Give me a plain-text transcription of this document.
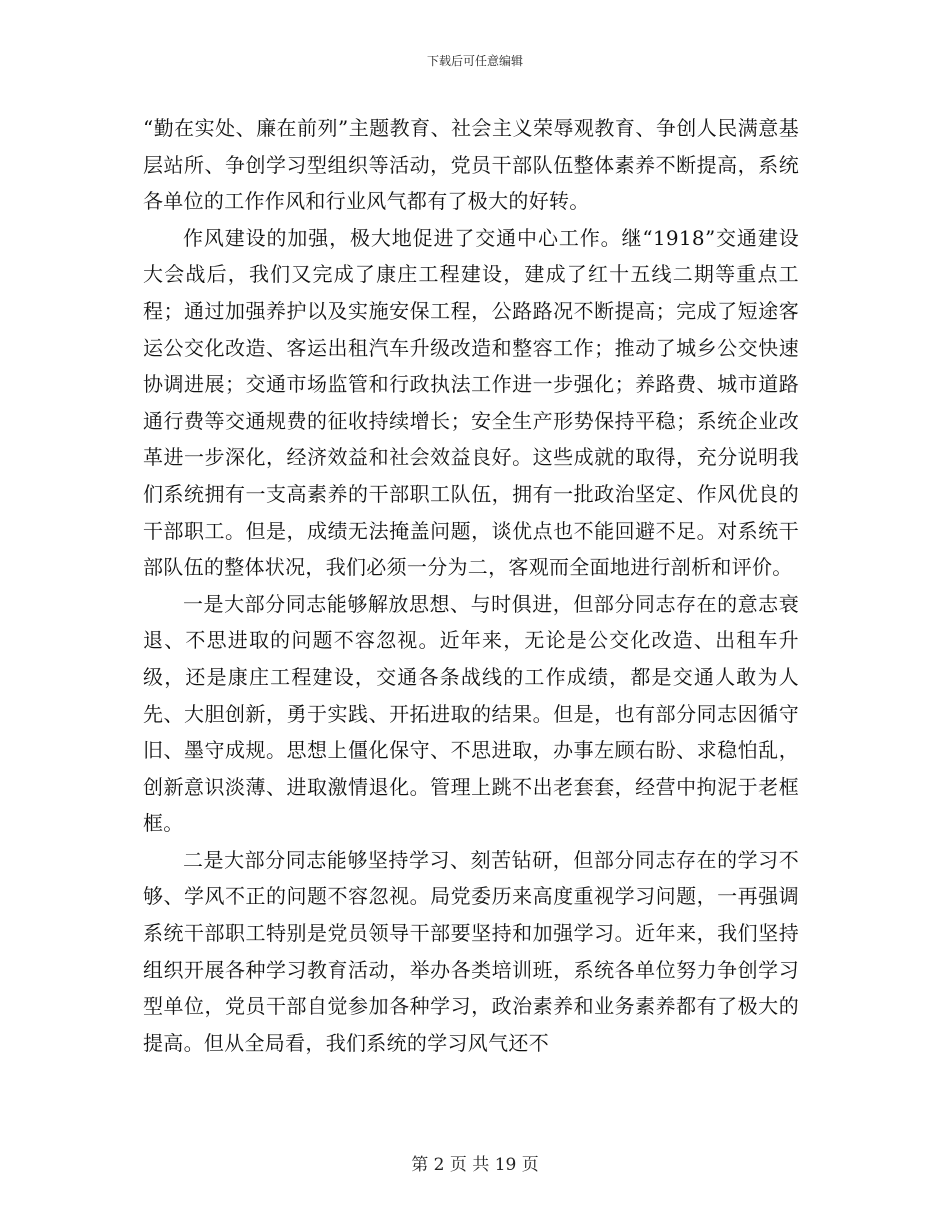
下载后可任意编辑

“勤在实处、廉在前列”主题教育、社会主义荣辱观教育、争创人民满意基层站所、争创学习型组织等活动，党员干部队伍整体素养不断提高，系统各单位的工作作风和行业风气都有了极大的好转。

作风建设的加强，极大地促进了交通中心工作。继“1918”交通建设大会战后，我们又完成了康庄工程建设，建成了红十五线二期等重点工程；通过加强养护以及实施安保工程，公路路况不断提高；完成了短途客运公交化改造、客运出租汽车升级改造和整容工作；推动了城乡公交快速协调进展；交通市场监管和行政执法工作进一步强化；养路费、城市道路通行费等交通规费的征收持续增长；安全生产形势保持平稳；系统企业改革进一步深化，经济效益和社会效益良好。这些成就的取得，充分说明我们系统拥有一支高素养的干部职工队伍，拥有一批政治坚定、作风优良的干部职工。但是，成绩无法掩盖问题，谈优点也不能回避不足。对系统干部队伍的整体状况，我们必须一分为二，客观而全面地进行剖析和评价。

一是大部分同志能够解放思想、与时俱进，但部分同志存在的意志衰退、不思进取的问题不容忽视。近年来，无论是公交化改造、出租车升级，还是康庄工程建设，交通各条战线的工作成绩，都是交通人敢为人先、大胆创新，勇于实践、开拓进取的结果。但是，也有部分同志因循守旧、墨守成规。思想上僵化保守、不思进取，办事左顾右盼、求稳怕乱，创新意识淡薄、进取激情退化。管理上跳不出老套套，经营中拘泥于老框框。

二是大部分同志能够坚持学习、刻苦钻研，但部分同志存在的学习不够、学风不正的问题不容忽视。局党委历来高度重视学习问题，一再强调系统干部职工特别是党员领导干部要坚持和加强学习。近年来，我们坚持组织开展各种学习教育活动，举办各类培训班，系统各单位努力争创学习型单位，党员干部自觉参加各种学习，政治素养和业务素养都有了极大的提高。但从全局看，我们系统的学习风气还不

第 2 页 共 19 页
